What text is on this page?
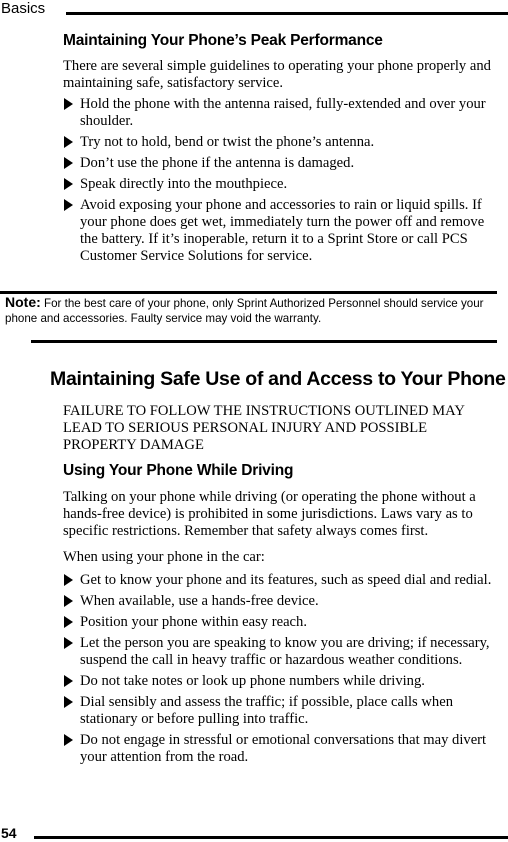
Basics
Maintaining Your Phone’s Peak Performance
There are several simple guidelines to operating your phone properly and maintaining safe, satisfactory service.
Hold the phone with the antenna raised, fully-extended and over your shoulder.
Try not to hold, bend or twist the phone’s antenna.
Don’t use the phone if the antenna is damaged.
Speak directly into the mouthpiece.
Avoid exposing your phone and accessories to rain or liquid spills. If your phone does get wet, immediately turn the power off and remove the battery. If it’s inoperable, return it to a Sprint Store or call PCS Customer Service Solutions for service.
Note: For the best care of your phone, only Sprint Authorized Personnel should service your phone and accessories. Faulty service may void the warranty.
Maintaining Safe Use of and Access to Your Phone
FAILURE TO FOLLOW THE INSTRUCTIONS OUTLINED MAY LEAD TO SERIOUS PERSONAL INJURY AND POSSIBLE PROPERTY DAMAGE
Using Your Phone While Driving
Talking on your phone while driving (or operating the phone without a hands-free device) is prohibited in some jurisdictions. Laws vary as to specific restrictions. Remember that safety always comes first.
When using your phone in the car:
Get to know your phone and its features, such as speed dial and redial.
When available, use a hands-free device.
Position your phone within easy reach.
Let the person you are speaking to know you are driving; if necessary, suspend the call in heavy traffic or hazardous weather conditions.
Do not take notes or look up phone numbers while driving.
Dial sensibly and assess the traffic; if possible, place calls when stationary or before pulling into traffic.
Do not engage in stressful or emotional conversations that may divert your attention from the road.
54
